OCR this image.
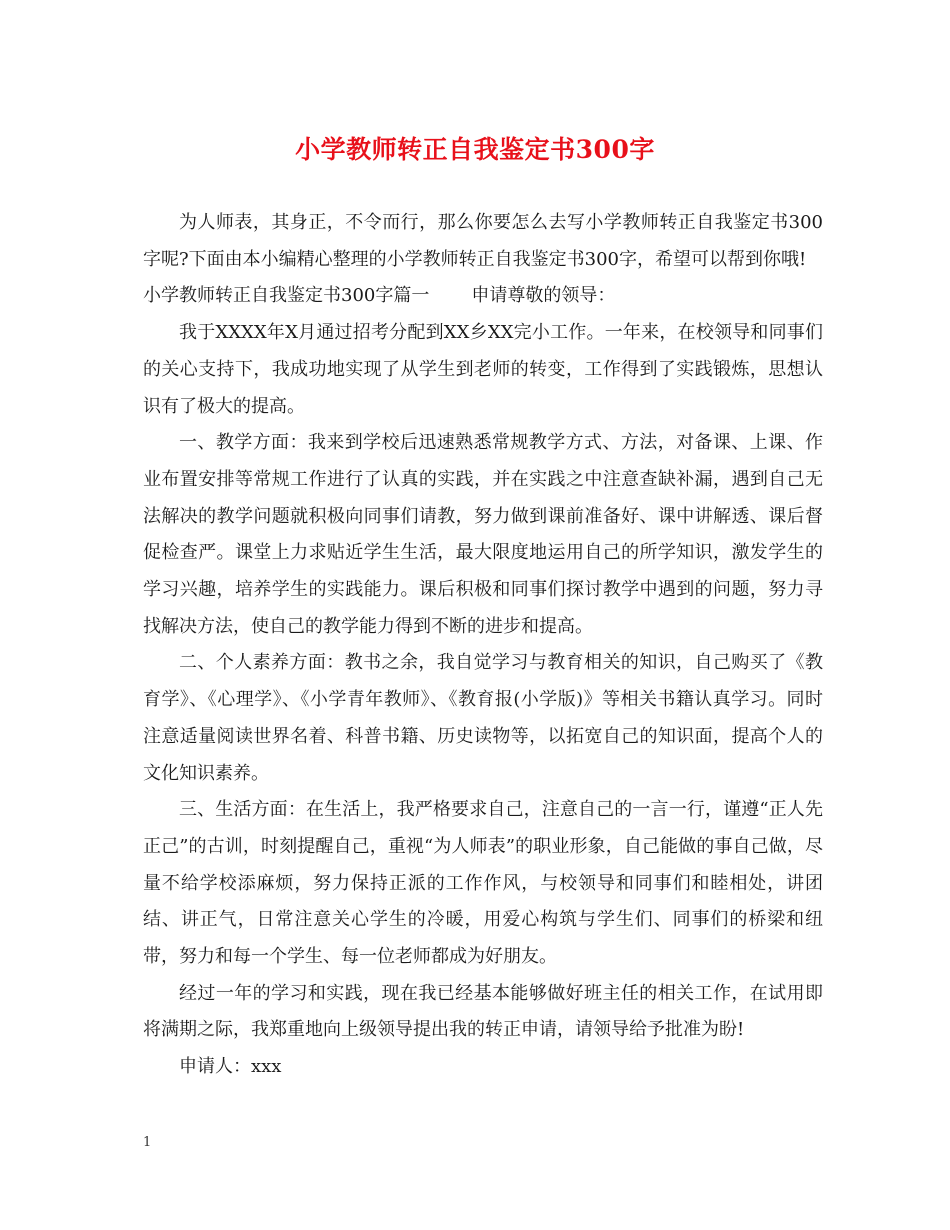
小学教师转正自我鉴定书300字

为人师表，其身正，不令而行，那么你要怎么去写小学教师转正自我鉴定书300字呢?下面由本小编精心整理的小学教师转正自我鉴定书300字，希望可以帮到你哦!

小学教师转正自我鉴定书300字篇一 申请尊敬的领导：

我于XXXX年X月通过招考分配到XX乡XX完小工作。一年来，在校领导和同事们的关心支持下，我成功地实现了从学生到老师的转变，工作得到了实践锻炼，思想认识有了极大的提高。

一、教学方面：我来到学校后迅速熟悉常规教学方式、方法，对备课、上课、作业布置安排等常规工作进行了认真的实践，并在实践之中注意查缺补漏，遇到自己无法解决的教学问题就积极向同事们请教，努力做到课前准备好、课中讲解透、课后督促检查严。课堂上力求贴近学生生活，最大限度地运用自己的所学知识，激发学生的学习兴趣，培养学生的实践能力。课后积极和同事们探讨教学中遇到的问题，努力寻找解决方法，使自己的教学能力得到不断的进步和提高。

二、个人素养方面：教书之余，我自觉学习与教育相关的知识，自己购买了《教育学》、《心理学》、《小学青年教师》、《教育报(小学版)》等相关书籍认真学习。同时注意适量阅读世界名着、科普书籍、历史读物等，以拓宽自己的知识面，提高个人的文化知识素养。

三、生活方面：在生活上，我严格要求自己，注意自己的一言一行，谨遵“正人先正己”的古训，时刻提醒自己，重视“为人师表”的职业形象，自己能做的事自己做，尽量不给学校添麻烦，努力保持正派的工作作风，与校领导和同事们和睦相处，讲团结、讲正气，日常注意关心学生的冷暖，用爱心构筑与学生们、同事们的桥梁和纽带，努力和每一个学生、每一位老师都成为好朋友。

经过一年的学习和实践，现在我已经基本能够做好班主任的相关工作，在试用即将满期之际，我郑重地向上级领导提出我的转正申请，请领导给予批准为盼!

申请人：xxx

1
